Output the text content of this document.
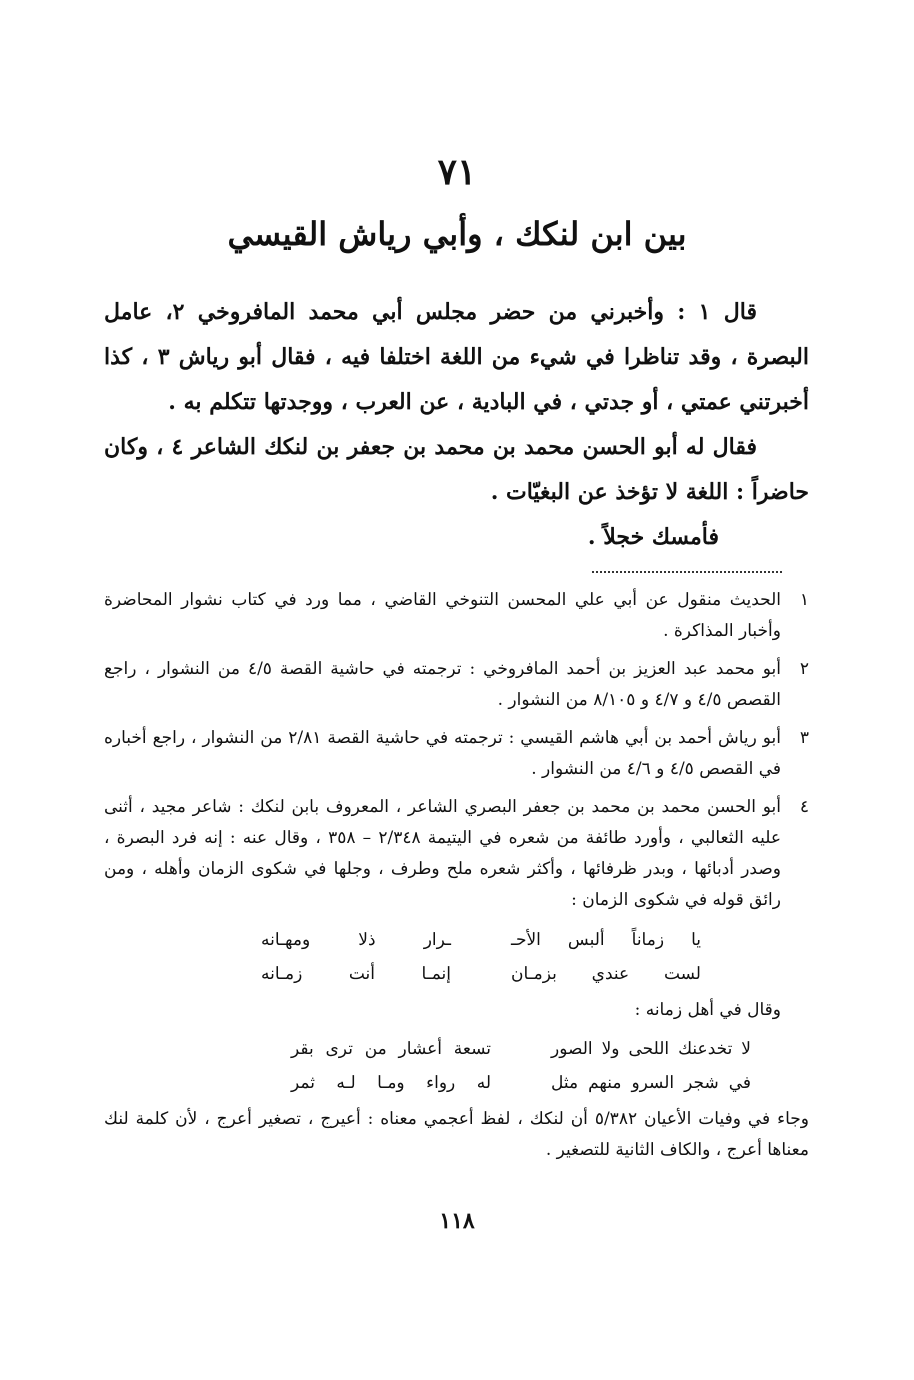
٧١
بين ابن لنكك ، وأبي رياش القيسي

قال ١ : وأخبرني من حضر مجلس أبي محمد المافروخي ٢، عامل البصرة ، وقد تناظرا في شيء من اللغة اختلفا فيه ، فقال أبو رياش ٣ ، كذا أخبرتني عمتي ، أو جدتي ، في البادية ، عن العرب ، ووجدتها تتكلم به .

فقال له أبو الحسن محمد بن محمد بن جعفر بن لنكك الشاعر ٤ ، وكان حاضراً : اللغة لا تؤخذ عن البغيّات .

فأمسك خجلاً .

١
الحديث منقول عن أبي علي المحسن التنوخي القاضي ، مما ورد في كتاب نشوار المحاضرة وأخبار المذاكرة .
٢
أبو محمد عبد العزيز بن أحمد المافروخي : ترجمته في حاشية القصة ٤/٥ من النشوار ، راجع القصص ٤/٥ و ٤/٧ و ٨/١٠٥ من النشوار .
٣
أبو رياش أحمد بن أبي هاشم القيسي : ترجمته في حاشية القصة ٢/٨١ من النشوار ، راجع أخباره في القصص ٤/٥ و ٤/٦ من النشوار .
٤
أبو الحسن محمد بن محمد بن جعفر البصري الشاعر ، المعروف بابن لنكك : شاعر مجيد ، أثنى عليه الثعالبي ، وأورد طائفة من شعره في اليتيمة ٢/٣٤٨ – ٣٥٨ ، وقال عنه : إنه فرد البصرة ، وصدر أدبائها ، وبدر ظرفائها ، وأكثر شعره ملح وطرف ، وجلها في شكوى الزمان وأهله ، ومن رائق قوله في شكوى الزمان :
يا زماناً ألبس الأحـ
ـرار ذلا ومهـانه
لست عندي بزمـان
إنمـا أنت زمـانه
وقال في أهل زمانه :
لا تخدعنك اللحى ولا الصور
تسعة أعشار من ترى بقر
في شجر السرو منهم مثل
له رواء ومـا لـه ثمر
وجاء في وفيات الأعيان ٥/٣٨٢ أن لنكك ، لفظ أعجمي معناه : أعيرج ، تصغير أعرج ، لأن كلمة لنك معناها أعرج ، والكاف الثانية للتصغير .
١١٨
